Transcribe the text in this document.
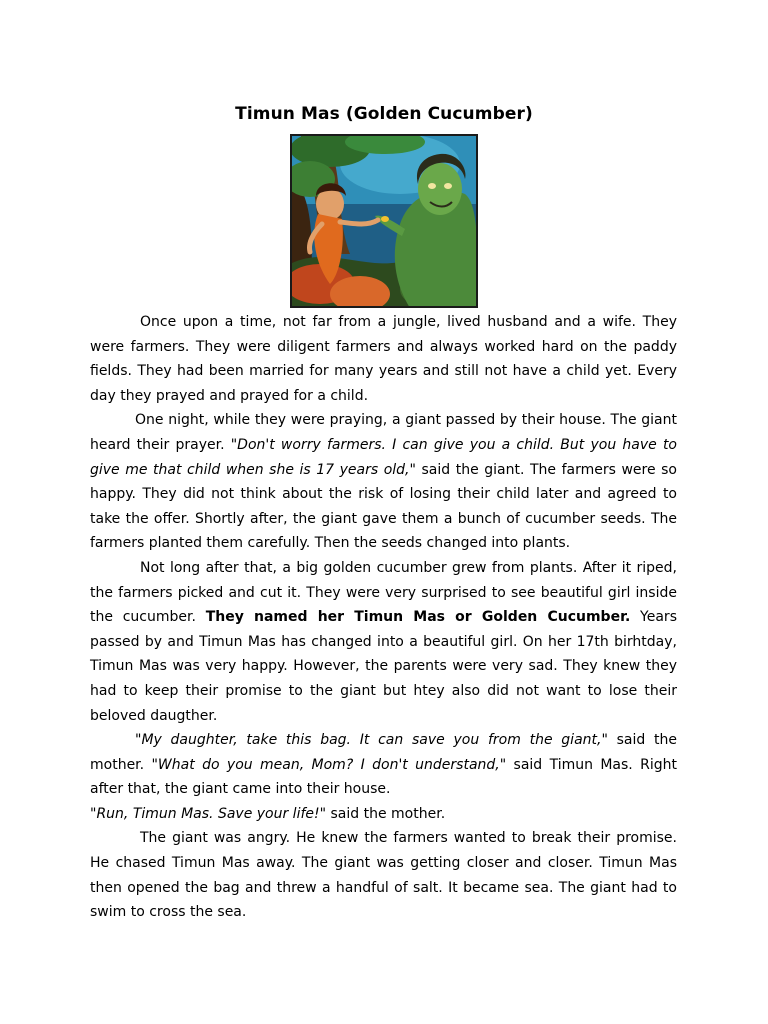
Timun Mas (Golden Cucumber)

Once upon a time, not far from a jungle, lived husband and a wife. They were farmers. They were diligent farmers and always worked hard on the paddy fields. They had been married for many years and still not have a child yet. Every day they prayed and prayed for a child.

One night, while they were praying, a giant passed by their house. The giant heard their prayer. "Don't worry farmers. I can give you a child. But you have to give me that child when she is 17 years old," said the giant. The farmers were so happy. They did not think about the risk of losing their child later and agreed to take the offer. Shortly after, the giant gave them a bunch of cucumber seeds. The farmers planted them carefully. Then the seeds changed into plants.

Not long after that, a big golden cucumber grew from plants. After it riped, the farmers picked and cut it. They were very surprised to see beautiful girl inside the cucumber. They named her Timun Mas or Golden Cucumber. Years passed by and Timun Mas has changed into a beautiful girl. On her 17th birhtday, Timun Mas was very happy. However, the parents were very sad. They knew they had to keep their promise to the giant but htey also did not want to lose their beloved daugther.

"My daughter, take this bag. It can save you from the giant," said the mother. "What do you mean, Mom? I don't understand," said Timun Mas. Right after that, the giant came into their house.

"Run, Timun Mas. Save your life!" said the mother.

The giant was angry. He knew the farmers wanted to break their promise. He chased Timun Mas away. The giant was getting closer and closer. Timun Mas then opened the bag and threw a handful of salt. It became sea. The giant had to swim to cross the sea.
